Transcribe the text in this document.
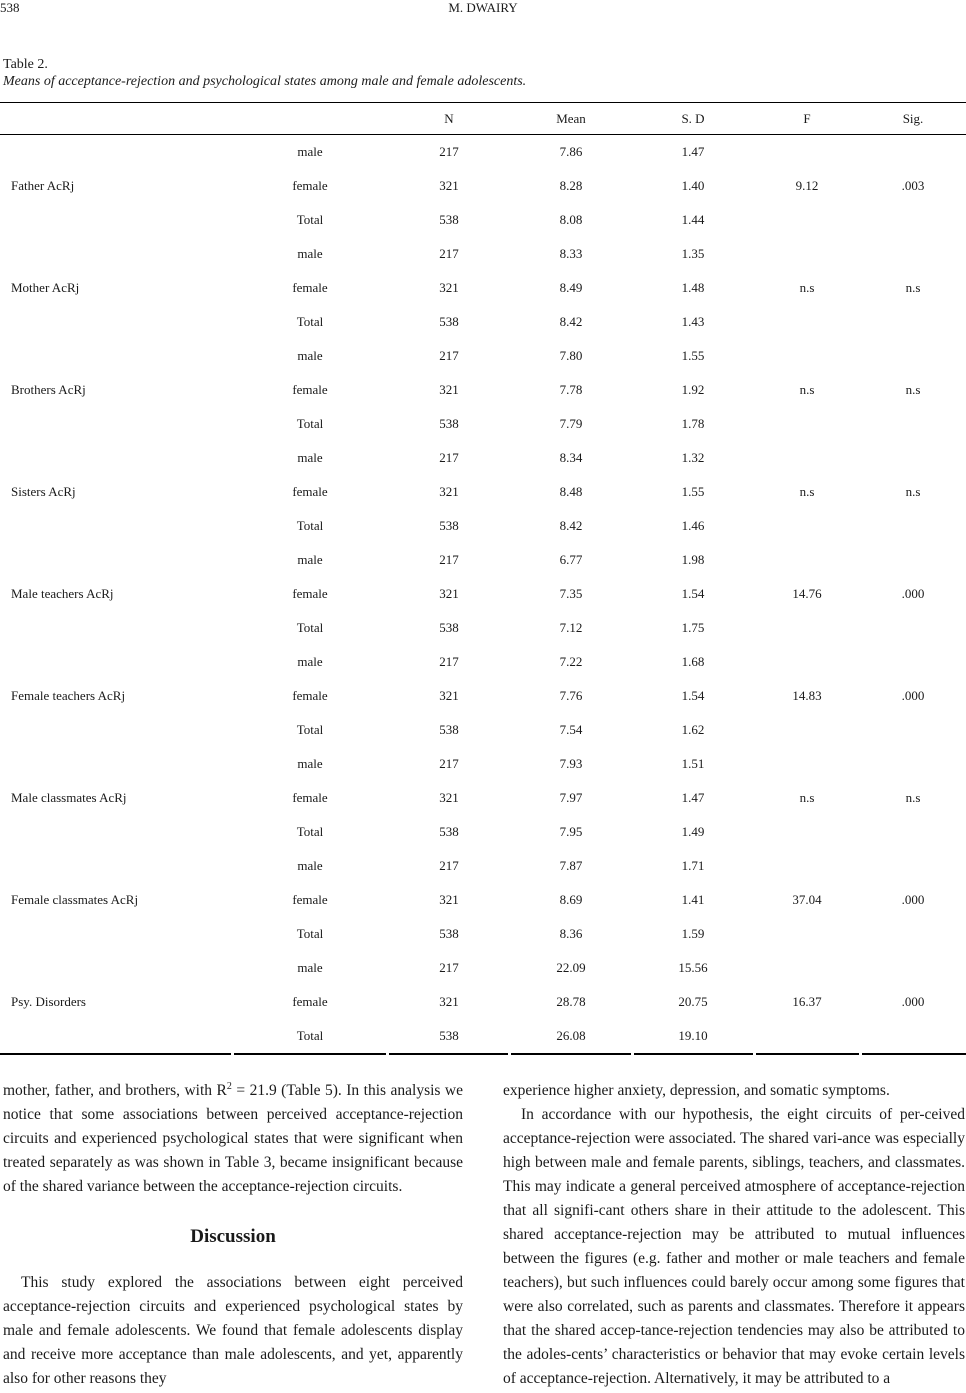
538	M. DWAIRY
Table 2.
Means of acceptance-rejection and psychological states among male and female adolescents.
		N	Mean	S. D	F	Sig.

Father AcRj	male	217	7.86	1.47	9.12	.003
	female	321	8.28	1.40		
	Total	538	8.08	1.44		
Mother AcRj	male	217	8.33	1.35	n.s	n.s
	female	321	8.49	1.48		
	Total	538	8.42	1.43		
Brothers AcRj	male	217	7.80	1.55	n.s	n.s
	female	321	7.78	1.92		
	Total	538	7.79	1.78		
Sisters AcRj	male	217	8.34	1.32	n.s	n.s
	female	321	8.48	1.55		
	Total	538	8.42	1.46		
Male teachers AcRj	male	217	6.77	1.98	14.76	.000
	female	321	7.35	1.54		
	Total	538	7.12	1.75		
Female teachers AcRj	male	217	7.22	1.68	14.83	.000
	female	321	7.76	1.54		
	Total	538	7.54	1.62		
Male classmates AcRj	male	217	7.93	1.51	n.s	n.s
	female	321	7.97	1.47		
	Total	538	7.95	1.49		
Female classmates AcRj	male	217	7.87	1.71	37.04	.000
	female	321	8.69	1.41		
	Total	538	8.36	1.59		
Psy. Disorders	male	217	22.09	15.56	16.37	.000
	female	321	28.78	20.75		
	Total	538	26.08	19.10		

mother, father, and brothers, with $R^2 = 21.9$ (Table 5). In this analysis we notice that some associations between perceived acceptance-rejection circuits and experienced psychological states that were significant when treated separately as was shown in Table 3, became insignificant because of the shared variance between the acceptance-rejection circuits.

Discussion

This study explored the associations between eight perceived acceptance-rejection circuits and experienced psychological states by male and female adolescents. We found that female adolescents display and receive more acceptance than male adolescents, and yet, apparently also for other reasons they

experience higher anxiety, depression, and somatic symptoms.

In accordance with our hypothesis, the eight circuits of per-ceived acceptance-rejection were associated. The shared vari-ance was especially high between male and female parents, siblings, teachers, and classmates. This may indicate a general perceived atmosphere of acceptance-rejection that all signifi-cant others share in their attitude to the adolescent. This shared acceptance-rejection may be attributed to mutual influences between the figures (e.g. father and mother or male teachers and female teachers), but such influences could barely occur among some figures that were also correlated, such as parents and classmates. Therefore it appears that the shared accep-tance-rejection tendencies may also be attributed to the adoles-cents’ characteristics or behavior that may evoke certain levels of acceptance-rejection. Alternatively, it may be attributed to a
